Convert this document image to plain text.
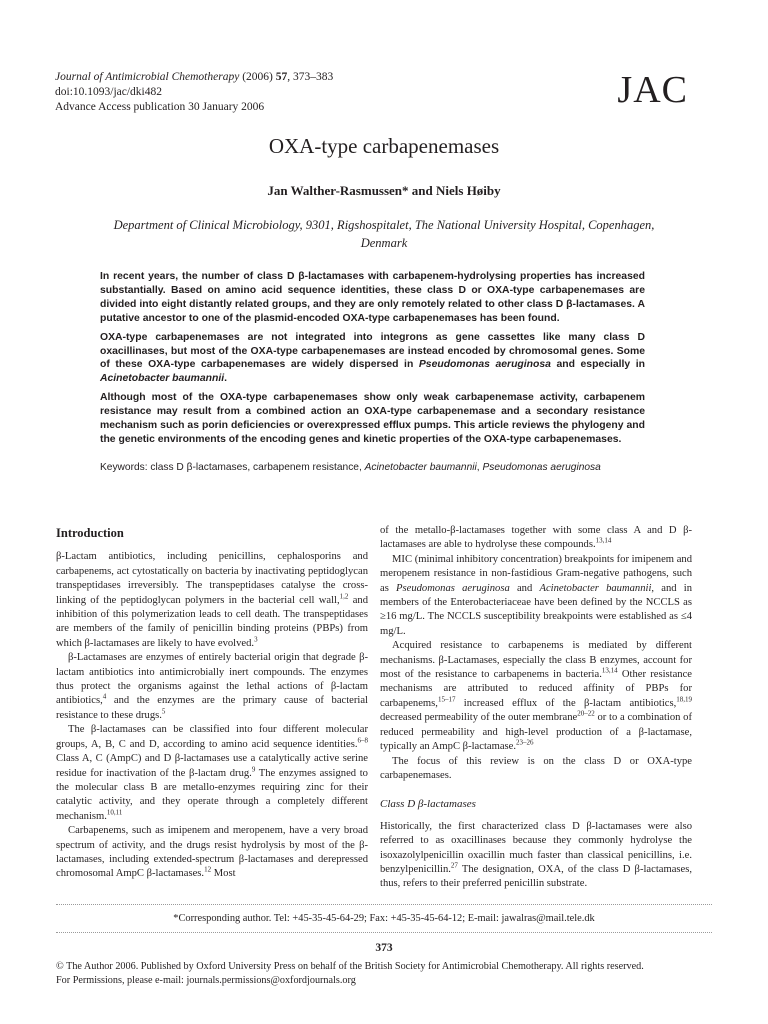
Journal of Antimicrobial Chemotherapy (2006) 57, 373–383
doi:10.1093/jac/dki482
Advance Access publication 30 January 2006	JAC
OXA-type carbapenemases
Jan Walther-Rasmussen* and Niels Høiby
Department of Clinical Microbiology, 9301, Rigshospitalet, The National University Hospital, Copenhagen, Denmark

In recent years, the number of class D β-lactamases with carbapenem-hydrolysing properties has increased substantially. Based on amino acid sequence identities, these class D or OXA-type carbapenemases are divided into eight distantly related groups, and they are only remotely related to other class D β-lactamases. A putative ancestor to one of the plasmid-encoded OXA-type carbapenemases has been found.

OXA-type carbapenemases are not integrated into integrons as gene cassettes like many class D oxacillinases, but most of the OXA-type carbapenemases are instead encoded by chromosomal genes. Some of these OXA-type carbapenemases are widely dispersed in Pseudomonas aeruginosa and especially in Acinetobacter baumannii.

Although most of the OXA-type carbapenemases show only weak carbapenemase activity, carbapenem resistance may result from a combined action an OXA-type carbapenemase and a secondary resistance mechanism such as porin deficiencies or overexpressed efflux pumps. This article reviews the phylogeny and the genetic environments of the encoding genes and kinetic properties of the OXA-type carbapenemases.

Keywords: class D β-lactamases, carbapenem resistance, Acinetobacter baumannii, Pseudomonas aeruginosa
Introduction

β-Lactam antibiotics, including penicillins, cephalosporins and carbapenems, act cytostatically on bacteria by inactivating peptidoglycan transpeptidases irreversibly. The transpeptidases catalyse the cross-linking of the peptidoglycan polymers in the bacterial cell wall,$^{1,2}$ and inhibition of this polymerization leads to cell death. The transpeptidases are members of the family of penicillin binding proteins (PBPs) from which β-lactamases are likely to have evolved.$^3$

β-Lactamases are enzymes of entirely bacterial origin that degrade β-lactam antibiotics into antimicrobially inert compounds. The enzymes thus protect the organisms against the lethal actions of β-lactam antibiotics,$^4$ and the enzymes are the primary cause of bacterial resistance to these drugs.$^5$

The β-lactamases can be classified into four different molecular groups, A, B, C and D, according to amino acid sequence identities.$^{6-8}$ Class A, C (AmpC) and D β-lactamases use a catalytically active serine residue for inactivation of the β-lactam drug.$^9$ The enzymes assigned to the molecular class B are metallo-enzymes requiring zinc for their catalytic activity, and they operate through a completely different mechanism.$^{10,11}$

Carbapenems, such as imipenem and meropenem, have a very broad spectrum of activity, and the drugs resist hydrolysis by most of the β-lactamases, including extended-spectrum β-lactamases and derepressed chromosomal AmpC β-lactamases.$^{12}$ Most

of the metallo-β-lactamases together with some class A and D β-lactamases are able to hydrolyse these compounds.$^{13,14}$

MIC (minimal inhibitory concentration) breakpoints for imipenem and meropenem resistance in non-fastidious Gram-negative pathogens, such as Pseudomonas aeruginosa and Acinetobacter baumannii, and in members of the Enterobacteriaceae have been defined by the NCCLS as ≥16 mg/L. The NCCLS susceptibility breakpoints were established as ≤4 mg/L.

Acquired resistance to carbapenems is mediated by different mechanisms. β-Lactamases, especially the class B enzymes, account for most of the resistance to carbapenems in bacteria.$^{13,14}$ Other resistance mechanisms are attributed to reduced affinity of PBPs for carbapenems,$^{15-17}$ increased efflux of the β-lactam antibiotics,$^{18,19}$ decreased permeability of the outer membrane$^{20-22}$ or to a combination of reduced permeability and high-level production of a β-lactamase, typically an AmpC β-lactamase.$^{23-26}$

The focus of this review is on the class D or OXA-type carbapenemases.

Class D β-lactamases

Historically, the first characterized class D β-lactamases were also referred to as oxacillinases because they commonly hydrolyse the isoxazolylpenicillin oxacillin much faster than classical penicillins, i.e. benzylpenicillin.$^{27}$ The designation, OXA, of the class D β-lactamases, thus, refers to their preferred penicillin substrate.

*Corresponding author. Tel: +45-35-45-64-29; Fax: +45-35-45-64-12; E-mail: jawalras@mail.tele.dk
373
© The Author 2006. Published by Oxford University Press on behalf of the British Society for Antimicrobial Chemotherapy. All rights reserved.
For Permissions, please e-mail: journals.permissions@oxfordjournals.org
